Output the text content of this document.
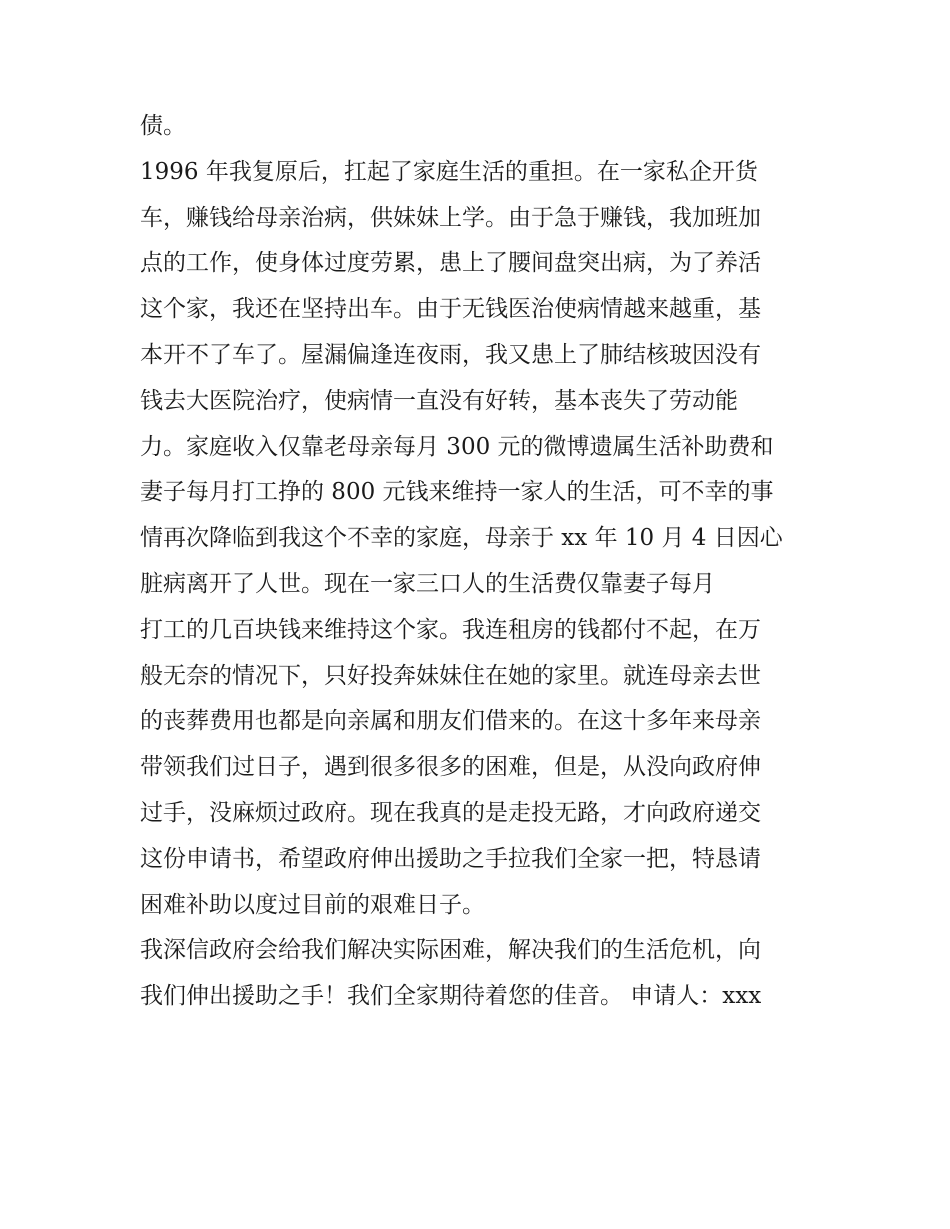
债。
1996 年我复原后，扛起了家庭生活的重担。在一家私企开货
车，赚钱给母亲治病，供妹妹上学。由于急于赚钱，我加班加
点的工作，使身体过度劳累，患上了腰间盘突出病，为了养活
这个家，我还在坚持出车。由于无钱医治使病情越来越重，基
本开不了车了。屋漏偏逢连夜雨，我又患上了肺结核玻因没有
钱去大医院治疗，使病情一直没有好转，基本丧失了劳动能
力。家庭收入仅靠老母亲每月 300 元的微博遗属生活补助费和
妻子每月打工挣的 800 元钱来维持一家人的生活，可不幸的事
情再次降临到我这个不幸的家庭，母亲于 xx 年 10 月 4 日因心
脏病离开了人世。现在一家三口人的生活费仅靠妻子每月
打工的几百块钱来维持这个家。我连租房的钱都付不起，在万
般无奈的情况下，只好投奔妹妹住在她的家里。就连母亲去世
的丧葬费用也都是向亲属和朋友们借来的。在这十多年来母亲
带领我们过日子，遇到很多很多的困难，但是，从没向政府伸
过手，没麻烦过政府。现在我真的是走投无路，才向政府递交
这份申请书，希望政府伸出援助之手拉我们全家一把，特恳请
困难补助以度过目前的艰难日子。
我深信政府会给我们解决实际困难，解决我们的生活危机，向
我们伸出援助之手！我们全家期待着您的佳音。 申请人：xxx
